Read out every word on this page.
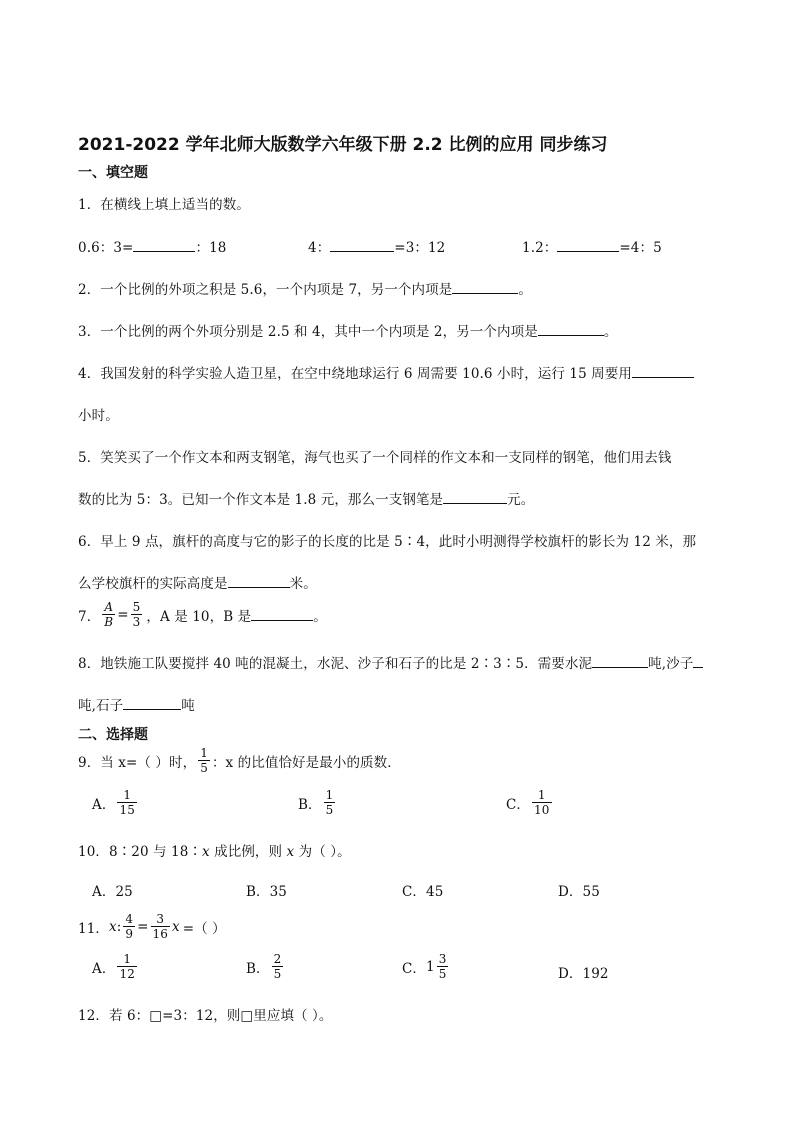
2021-2022 学年北师大版数学六年级下册 2.2 比例的应用 同步练习
一、填空题
1．在横线上填上适当的数。
0.6：3=	：18	4：	=3：12	1.2：	=4：5
2．一个比例的外项之积是 5.6，一个内项是 7，另一个内项是	。
3．一个比例的两个外项分别是 2.5 和 4，其中一个内项是 2，另一个内项是	。
4．我国发射的科学实验人造卫星，在空中绕地球运行 6 周需要 10.6 小时，运行 15 周要用
小时。
5．笑笑买了一个作文本和两支钢笔，海气也买了一个同样的作文本和一支同样的钢笔，他们用去钱
数的比为 5：3。已知一个作文本是 1.8 元，那么一支钢笔是	元。
6．早上 9 点，旗杆的高度与它的影子的长度的比是 5∶4，此时小明测得学校旗杆的影长为 12 米，那
么学校旗杆的实际高度是	米。
7． $\frac{A}{B} = \frac{5}{3}$ ，A 是 10，B 是	。
8．地铁施工队要搅拌 40 吨的混凝土，水泥、沙子和石子的比是 2∶3∶5．需要水泥	吨,沙子
吨,石子	吨
二、选择题
9．当 x=（ ）时， $\frac{1}{5}$ ：x 的比值恰好是最小的质数．
A． $\frac{1}{15}$	B． $\frac{1}{5}$	C． $\frac{1}{10}$
10．8∶20 与 18∶x 成比例，则 x 为（ ）。
A．25	B．35	C．45	D．55
11． x : $\frac{4}{9} = \frac{3}{16}$ x =（ ）
A． $\frac{1}{12}$	B． $\frac{2}{5}$	C． $1 \frac{3}{5}$	D．192
12．若 6：□=3：12，则□里应填（ ）。
